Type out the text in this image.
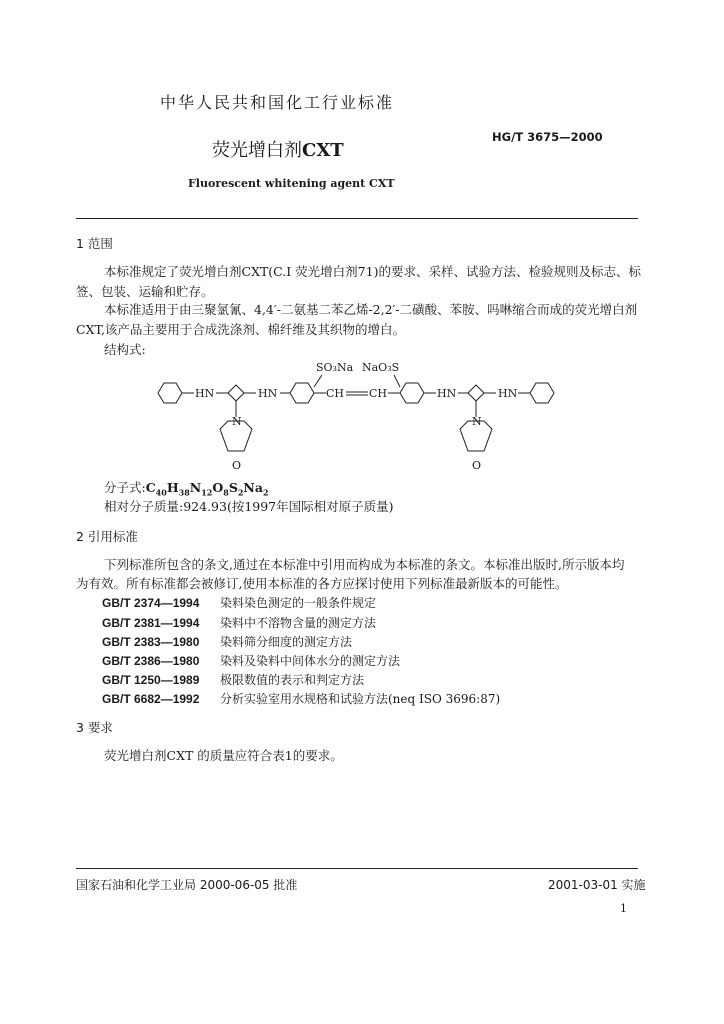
中华人民共和国化工行业标准
HG/T 3675—2000
荧光增白剂CXT
Fluorescent whitening agent CXT
1 范围
本标准规定了荧光增白剂CXT(C.I 荧光增白剂71)的要求、采样、试验方法、检验规则及标志、标
签、包装、运输和贮存。
本标准适用于由三聚氯氰、4,4′-二氨基二苯乙烯-2,2′-二磺酸、苯胺、吗啉缩合而成的荧光增白剂
CXT,该产品主要用于合成洗涤剂、棉纤维及其织物的增白。
结构式:
HN	HN	CH CH	HN	HN
SO₃Na NaO₃S
N
O
N
O
分子式$:C_{40}H_{38}N_{12}O_8S_2Na_2$
相对分子质量:924.93(按1997年国际相对原子质量)
2 引用标准
下列标准所包含的条文,通过在本标准中引用而构成为本标准的条文。本标准出版时,所示版本均
为有效。所有标准都会被修订,使用本标准的各方应探讨使用下列标准最新版本的可能性。
GB/T 2374—1994 染料染色测定的一般条件规定
GB/T 2381—1994 染料中不溶物含量的测定方法
GB/T 2383—1980 染料筛分细度的测定方法
GB/T 2386—1980 染料及染料中间体水分的测定方法
GB/T 1250—1989 极限数值的表示和判定方法
GB/T 6682—1992 分析实验室用水规格和试验方法(neq ISO 3696:87)
3 要求
荧光增白剂CXT 的质量应符合表1的要求。
国家石油和化学工业局 2000-06-05 批准	2001-03-01 实施
1
